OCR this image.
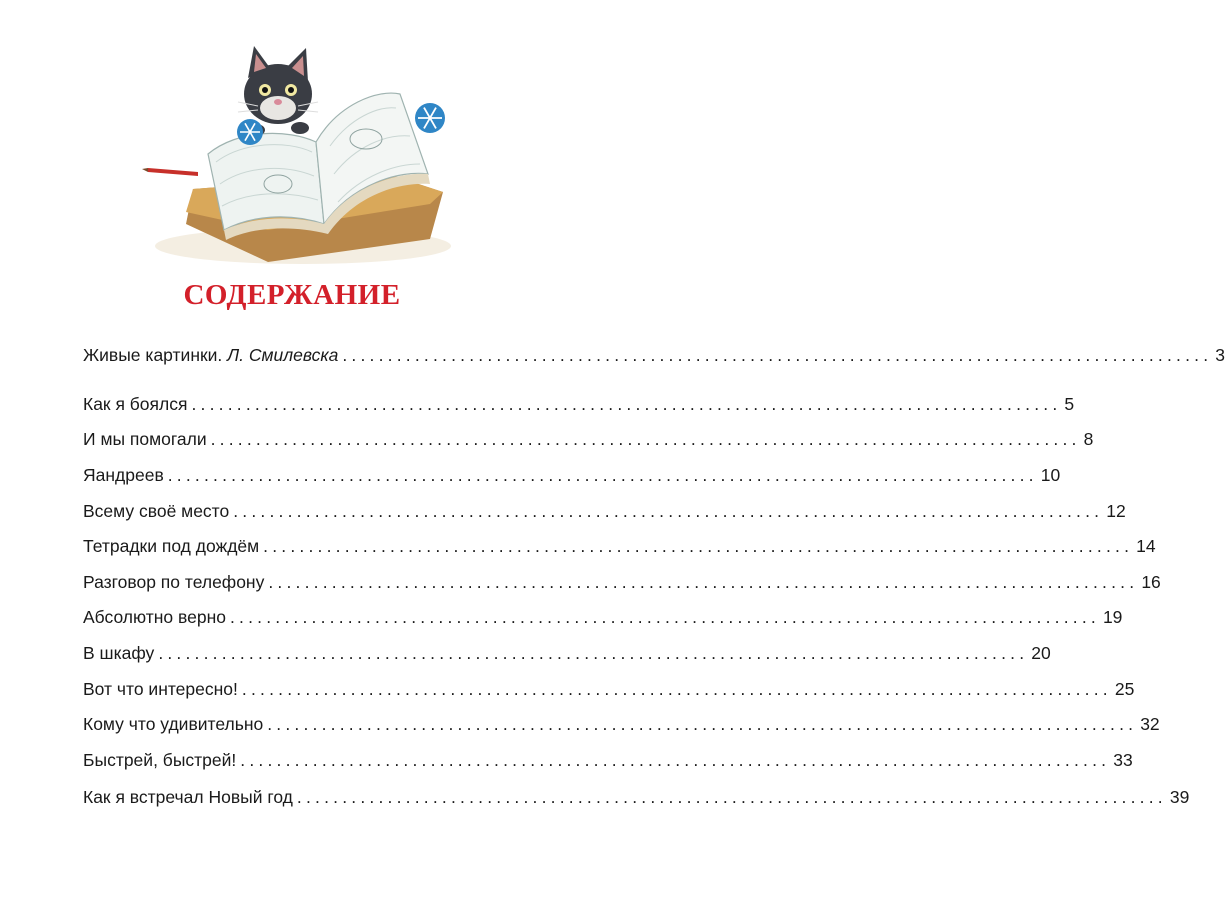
СОДЕРЖАНИЕ
Живые картинки. Л. Смилевска ................................................................................................ 3
Как я боялся ................................................................................................ 5
И мы помогали ................................................................................................ 8
Яандреев ................................................................................................ 10
Всему своё место ................................................................................................ 12
Тетрадки под дождём ................................................................................................ 14
Разговор по телефону ................................................................................................ 16
Абсолютно верно ................................................................................................ 19
В шкафу ................................................................................................ 20
Вот что интересно! ................................................................................................ 25
Кому что удивительно ................................................................................................ 32
Быстрей, быстрей! ................................................................................................ 33
Как я встречал Новый год ................................................................................................ 39
